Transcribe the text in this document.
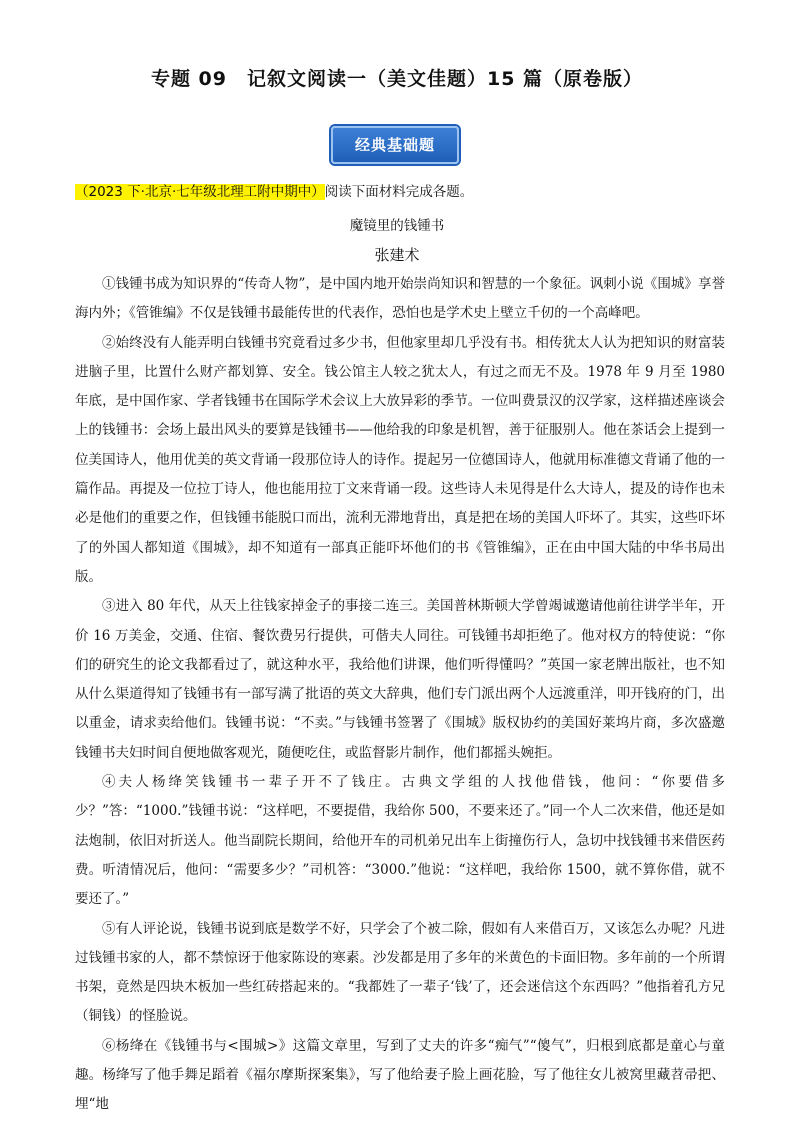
专题 09　记叙文阅读一（美文佳题）15 篇（原卷版）
经典基础题
（2023 下·北京·七年级北理工附中期中）阅读下面材料完成各题。
魔镜里的钱锺书
张建术

①钱锺书成为知识界的“传奇人物”，是中国内地开始崇尚知识和智慧的一个象征。讽刺小说《围城》享誉海内外；《管锥编》不仅是钱锺书最能传世的代表作，恐怕也是学术史上壁立千仞的一个高峰吧。

②始终没有人能弄明白钱锺书究竟看过多少书，但他家里却几乎没有书。相传犹太人认为把知识的财富装进脑子里，比置什么财产都划算、安全。钱公馆主人较之犹太人，有过之而无不及。1978 年 9 月至 1980 年底，是中国作家、学者钱锺书在国际学术会议上大放异彩的季节。一位叫费景汉的汉学家，这样描述座谈会上的钱锺书：会场上最出风头的要算是钱锺书——他给我的印象是机智，善于征服别人。他在茶话会上提到一位美国诗人，他用优美的英文背诵一段那位诗人的诗作。提起另一位德国诗人，他就用标准德文背诵了他的一篇作品。再提及一位拉丁诗人，他也能用拉丁文来背诵一段。这些诗人未见得是什么大诗人，提及的诗作也未必是他们的重要之作，但钱锺书能脱口而出，流利无滞地背出，真是把在场的美国人吓坏了。其实，这些吓坏了的外国人都知道《围城》，却不知道有一部真正能吓坏他们的书《管锥编》，正在由中国大陆的中华书局出版。

③进入 80 年代，从天上往钱家掉金子的事接二连三。美国普林斯顿大学曾竭诚邀请他前往讲学半年，开价 16 万美金，交通、住宿、餐饮费另行提供，可偕夫人同往。可钱锺书却拒绝了。他对权方的特使说：“你们的研究生的论文我都看过了，就这种水平，我给他们讲课，他们听得懂吗？”英国一家老牌出版社，也不知从什么渠道得知了钱锺书有一部写满了批语的英文大辞典，他们专门派出两个人远渡重洋，叩开钱府的门，出以重金，请求卖给他们。钱锺书说：“不卖。”与钱锺书签署了《围城》版权协约的美国好莱坞片商，多次盛邀钱锺书夫妇时间自便地做客观光，随便吃住，或监督影片制作，他们都摇头婉拒。

④夫人杨绛笑钱锺书一辈子开不了钱庄。古典文学组的人找他借钱，他问：“你要借多少？”答：“1000.”钱锺书说：“这样吧，不要提借，我给你 500，不要来还了。”同一个人二次来借，他还是如法炮制，依旧对折送人。他当副院长期间，给他开车的司机弟兄出车上街撞伤行人，急切中找钱锺书来借医药费。听清情况后，他问：“需要多少？”司机答：“3000.”他说：“这样吧，我给你 1500，就不算你借，就不要还了。”

⑤有人评论说，钱锺书说到底是数学不好，只学会了个被二除，假如有人来借百万，又该怎么办呢？凡进过钱锺书家的人，都不禁惊讶于他家陈设的寒素。沙发都是用了多年的米黄色的卡面旧物。多年前的一个所谓书架，竟然是四块木板加一些红砖搭起来的。“我都姓了一辈子‘钱’了，还会迷信这个东西吗？”他指着孔方兄（铜钱）的怪脸说。

⑥杨绛在《钱锺书与<围城>》这篇文章里，写到了丈夫的许多“痴气”“傻气”，归根到底都是童心与童趣。杨绛写了他手舞足蹈着《福尔摩斯探案集》，写了他给妻子脸上画花脸，写了他往女儿被窝里藏苕帚把、埋“地
